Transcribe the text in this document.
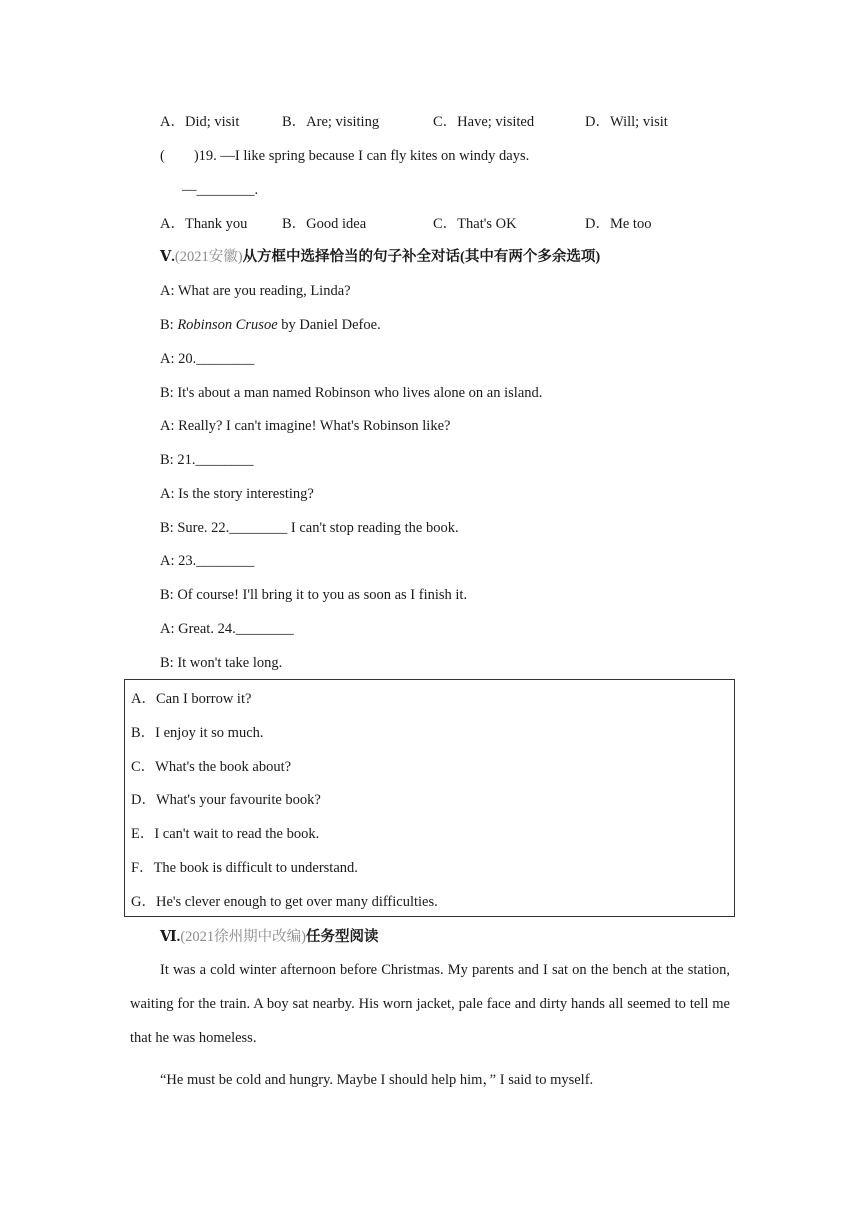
A．Did; visit	B．Are; visiting	C．Have; visited	D．Will; visit
(　　)19. —I like spring because I can fly kites on windy days.
—________.
A．Thank you B．Good idea	C．That's OK	D．Me too
Ⅴ.(2021安徽)从方框中选择恰当的句子补全对话(其中有两个多余选项)
A: What are you reading, Linda?
B: Robinson Crusoe by Daniel Defoe.
A: 20.________
B: It's about a man named Robinson who lives alone on an island.
A: Really? I can't imagine! What's Robinson like?
B: 21.________
A: Is the story interesting?
B: Sure. 22.________ I can't stop reading the book.
A: 23.________
B: Of course! I'll bring it to you as soon as I finish it.
A: Great. 24.________
B: It won't take long.
A．Can I borrow it?
B．I enjoy it so much.
C．What's the book about?
D．What's your favourite book?
E．I can't wait to read the book.
F．The book is difficult to understand.
G．He's clever enough to get over many difficulties.
Ⅵ.(2021徐州期中改编)任务型阅读

It was a cold winter afternoon before Christmas. My parents and I sat on the bench at the station, waiting for the train. A boy sat nearby. His worn jacket, pale face and dirty hands all seemed to tell me that he was homeless.

“He must be cold and hungry. Maybe I should help him，” I said to myself.
